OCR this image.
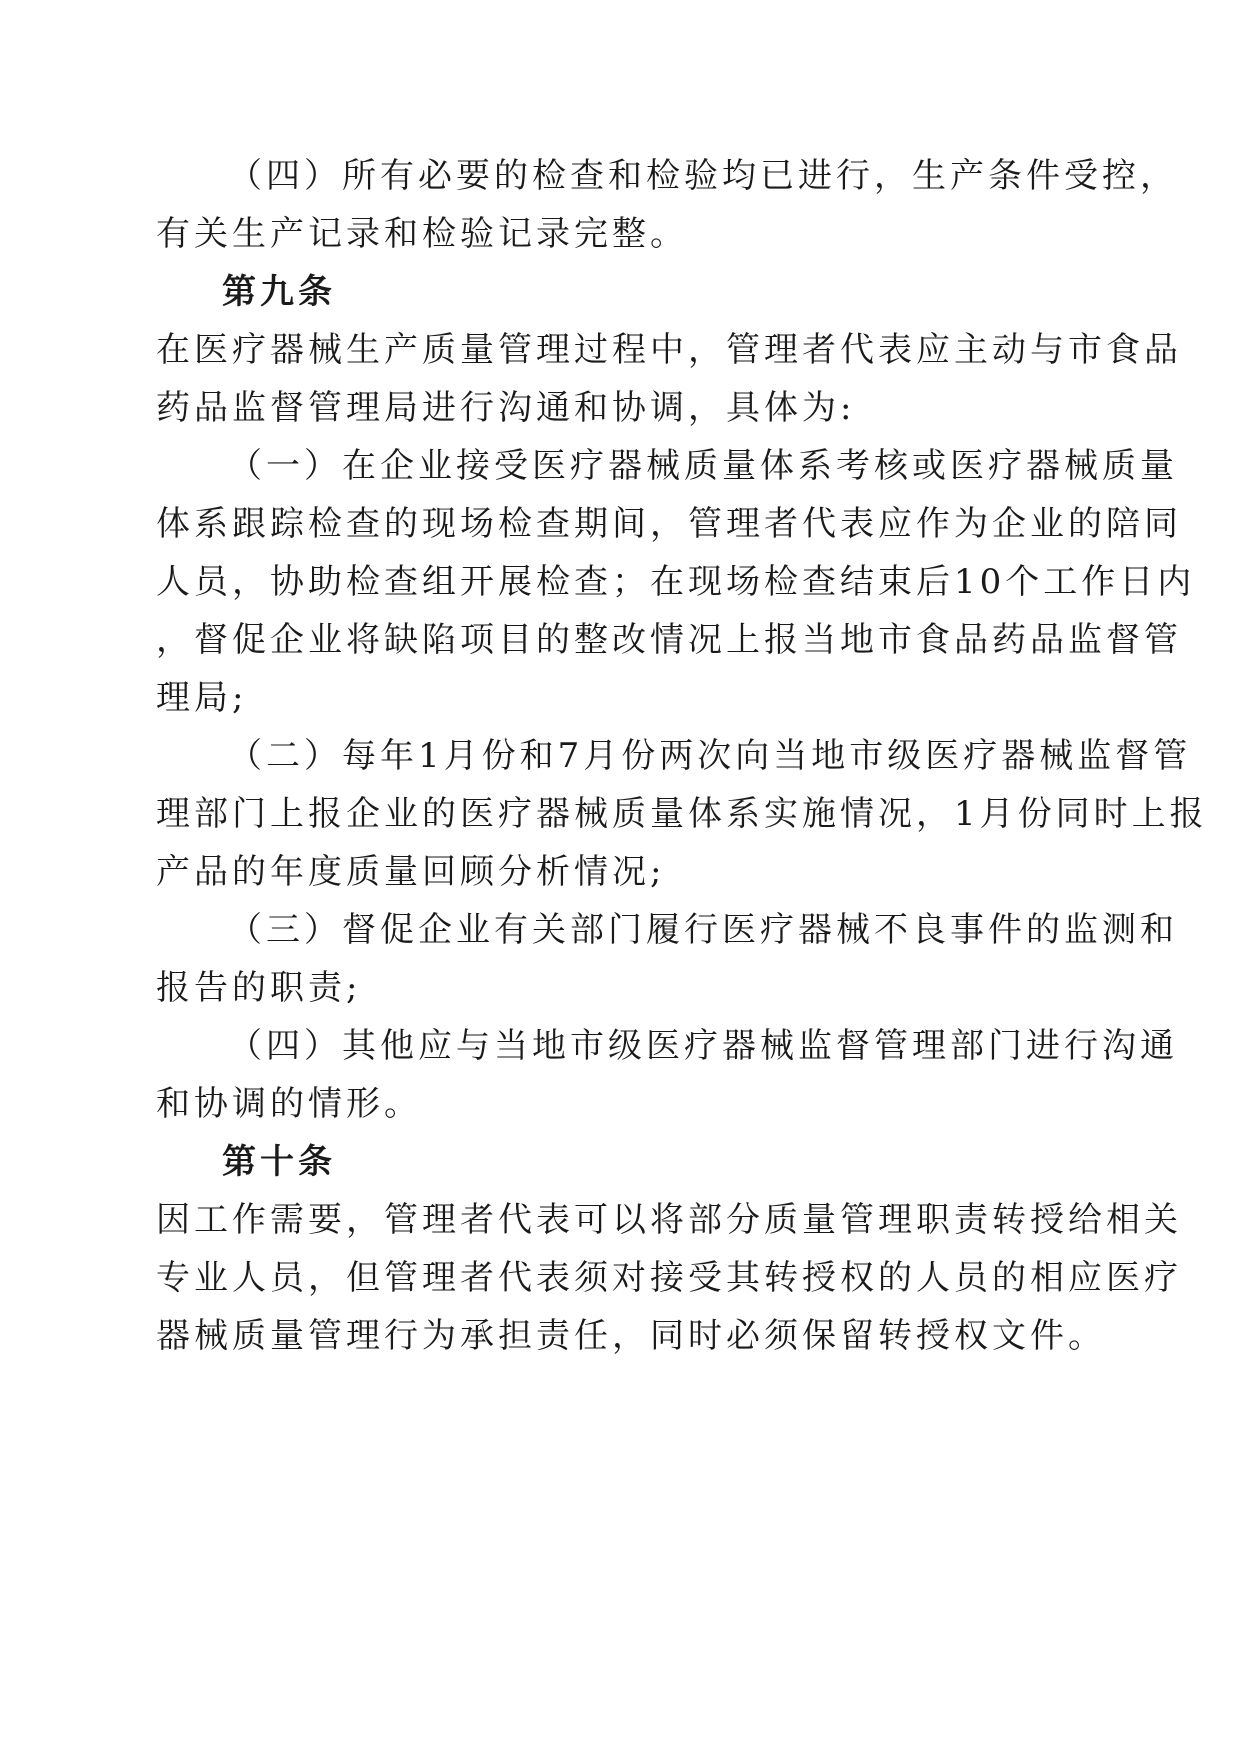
（四）所有必要的检查和检验均已进行，生产条件受控，
有关生产记录和检验记录完整。
第九条
在医疗器械生产质量管理过程中，管理者代表应主动与市食品
药品监督管理局进行沟通和协调，具体为:
（一）在企业接受医疗器械质量体系考核或医疗器械质量
体系跟踪检查的现场检查期间，管理者代表应作为企业的陪同
人员，协助检查组开展检查；在现场检查结束后10个工作日内
，督促企业将缺陷项目的整改情况上报当地市食品药品监督管
理局;
（二）每年1月份和7月份两次向当地市级医疗器械监督管
理部门上报企业的医疗器械质量体系实施情况，1月份同时上报
产品的年度质量回顾分析情况;
（三）督促企业有关部门履行医疗器械不良事件的监测和
报告的职责;
（四）其他应与当地市级医疗器械监督管理部门进行沟通
和协调的情形。
第十条
因工作需要，管理者代表可以将部分质量管理职责转授给相关
专业人员，但管理者代表须对接受其转授权的人员的相应医疗
器械质量管理行为承担责任，同时必须保留转授权文件。
